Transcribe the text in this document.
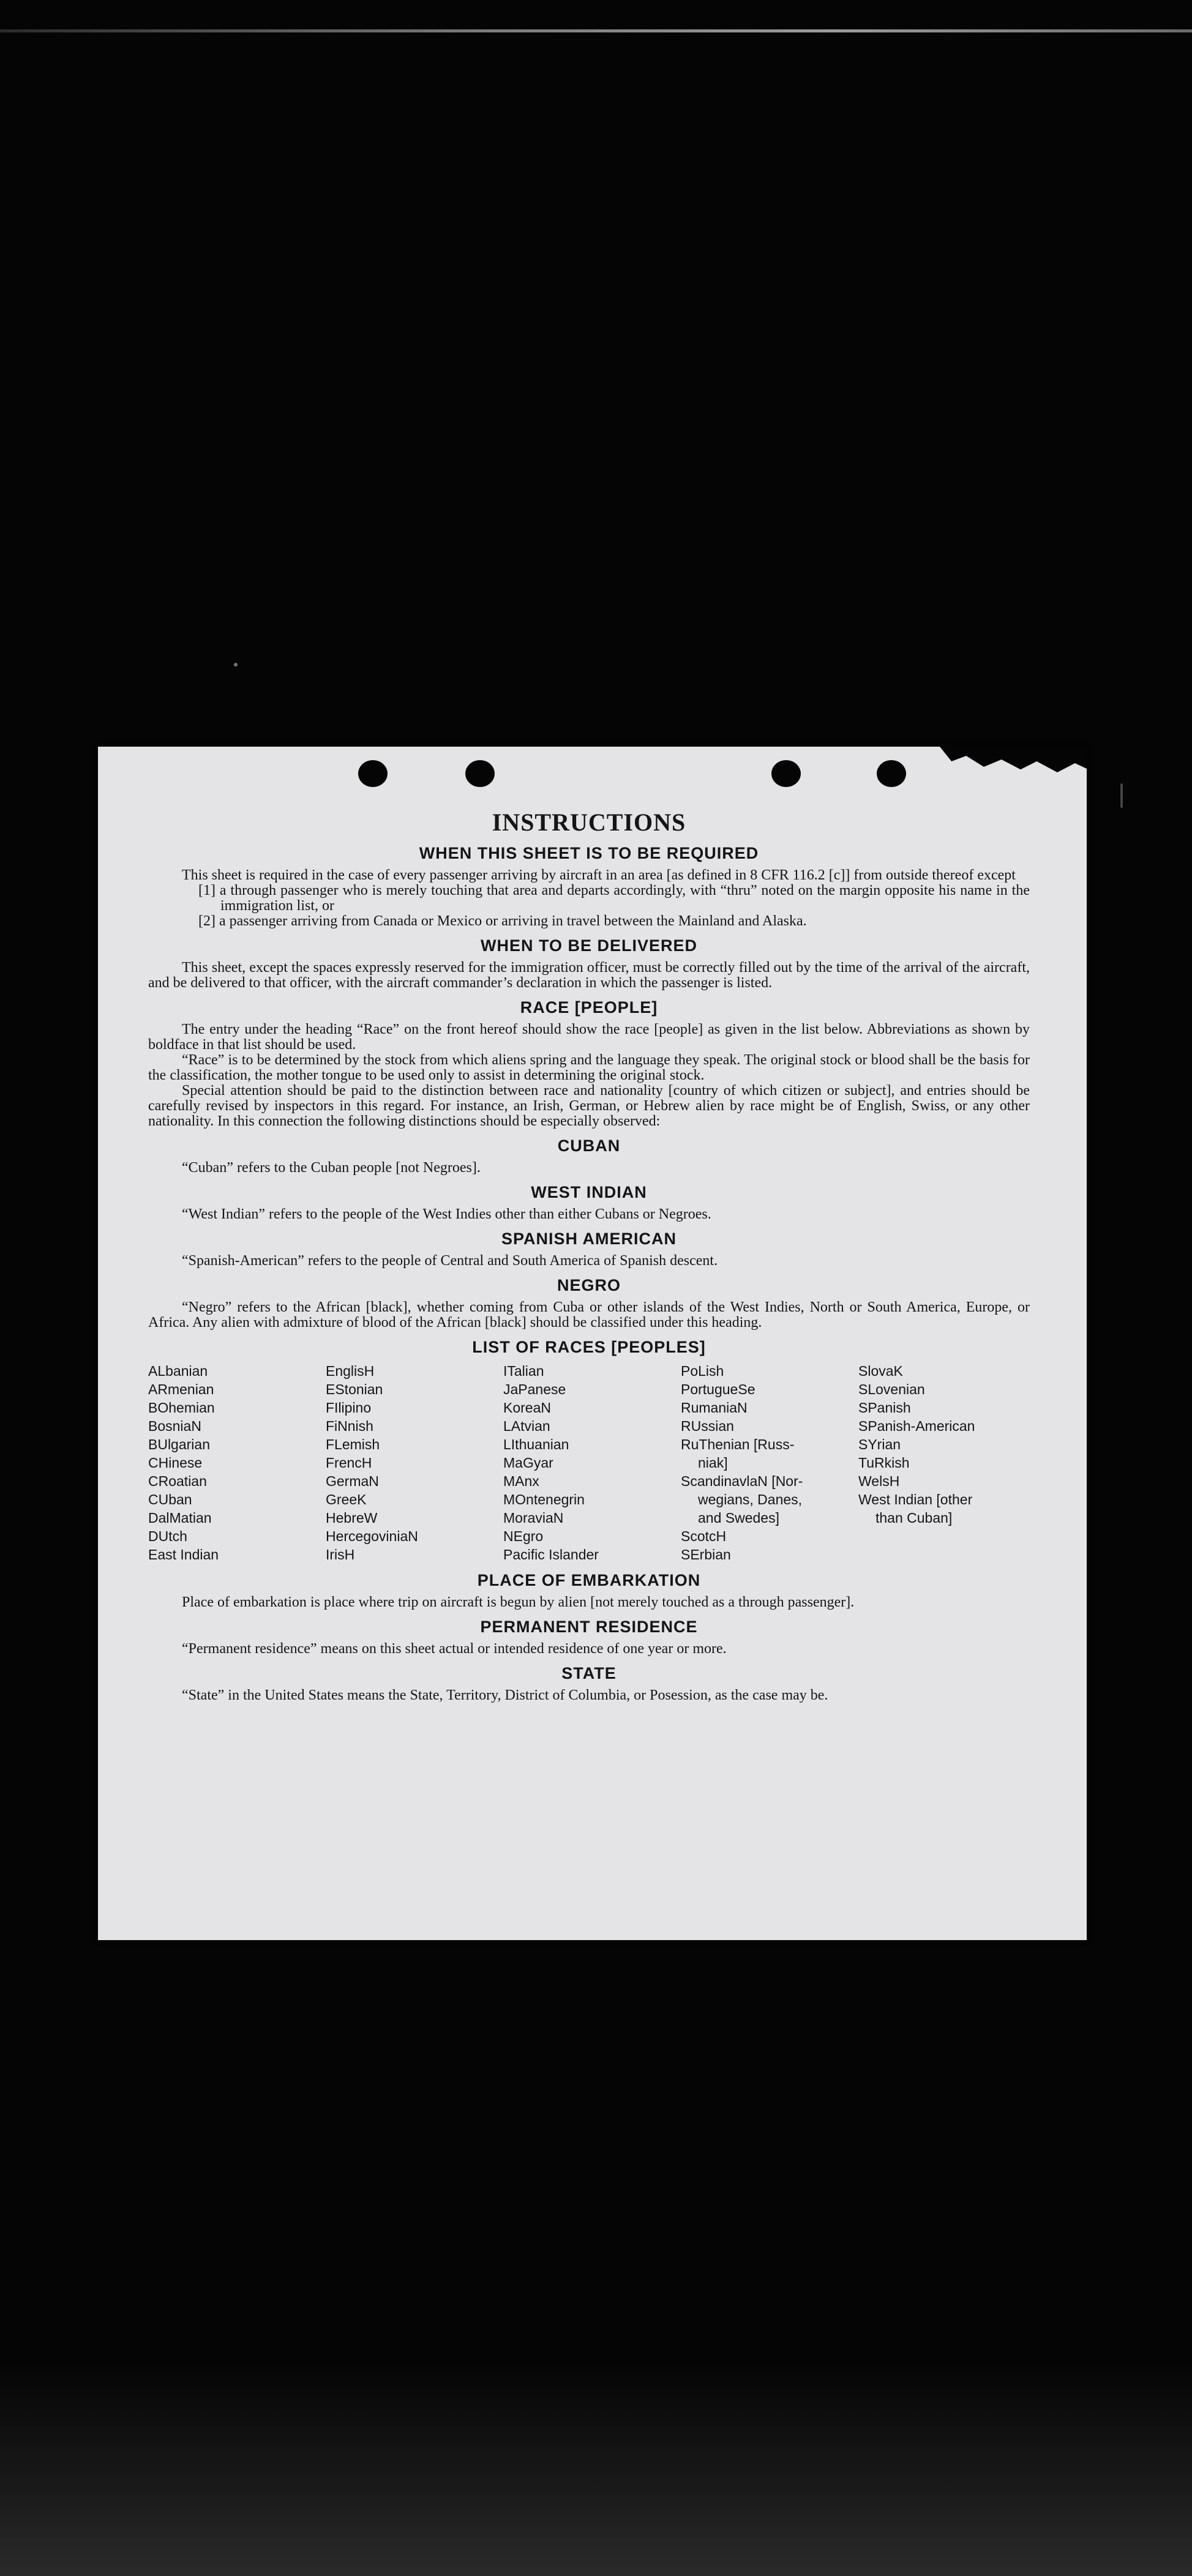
INSTRUCTIONS
WHEN THIS SHEET IS TO BE REQUIRED

This sheet is required in the case of every passenger arriving by aircraft in an area [as defined in 8 CFR 116.2 [c]] from outside thereof except

[1] a through passenger who is merely touching that area and departs accordingly, with “thru” noted on the margin opposite his name in the immigration list, or

[2] a passenger arriving from Canada or Mexico or arriving in travel between the Mainland and Alaska.

WHEN TO BE DELIVERED

This sheet, except the spaces expressly reserved for the immigration officer, must be correctly filled out by the time of the arrival of the aircraft, and be delivered to that officer, with the aircraft commander’s declaration in which the passenger is listed.

RACE [PEOPLE]

The entry under the heading “Race” on the front hereof should show the race [people] as given in the list below. Abbreviations as shown by boldface in that list should be used.

“Race” is to be determined by the stock from which aliens spring and the language they speak. The original stock or blood shall be the basis for the classification, the mother tongue to be used only to assist in determining the original stock.

Special attention should be paid to the distinction between race and nationality [country of which citizen or subject], and entries should be carefully revised by inspectors in this regard. For instance, an Irish, German, or Hebrew alien by race might be of English, Swiss, or any other nationality. In this connection the following distinctions should be especially observed:

CUBAN

“Cuban” refers to the Cuban people [not Negroes].

WEST INDIAN

“West Indian” refers to the people of the West Indies other than either Cubans or Negroes.

SPANISH AMERICAN

“Spanish-American” refers to the people of Central and South America of Spanish descent.

NEGRO

“Negro” refers to the African [black], whether coming from Cuba or other islands of the West Indies, North or South America, Europe, or Africa. Any alien with admixture of blood of the African [black] should be classified under this heading.

LIST OF RACES [PEOPLES]
ALbanian
ARmenian
BOhemian
BosniaN
BUlgarian
CHinese
CRoatian
CUban
DalMatian
DUtch
East Indian
EnglisH
EStonian
FIlipino
FiNnish
FLemish
FrencH
GermaN
GreeK
HebreW
HercegoviniaN
IrisH
ITalian
JaPanese
KoreaN
LAtvian
LIthuanian
MaGyar
MAnx
MOntenegrin
MoraviaN
NEgro
Pacific Islander
PoLish
PortugueSe
RumaniaN
RUssian
RuThenian [Russ-
niak]
ScandinavlaN [Nor-
wegians, Danes,
and Swedes]
ScotcH
SErbian
SlovaK
SLovenian
SPanish
SPanish-American
SYrian
TuRkish
WelsH
West Indian [other
than Cuban]
PLACE OF EMBARKATION

Place of embarkation is place where trip on aircraft is begun by alien [not merely touched as a through passenger].

PERMANENT RESIDENCE

“Permanent residence” means on this sheet actual or intended residence of one year or more.

STATE

“State” in the United States means the State, Territory, District of Columbia, or Posession, as the case may be.
